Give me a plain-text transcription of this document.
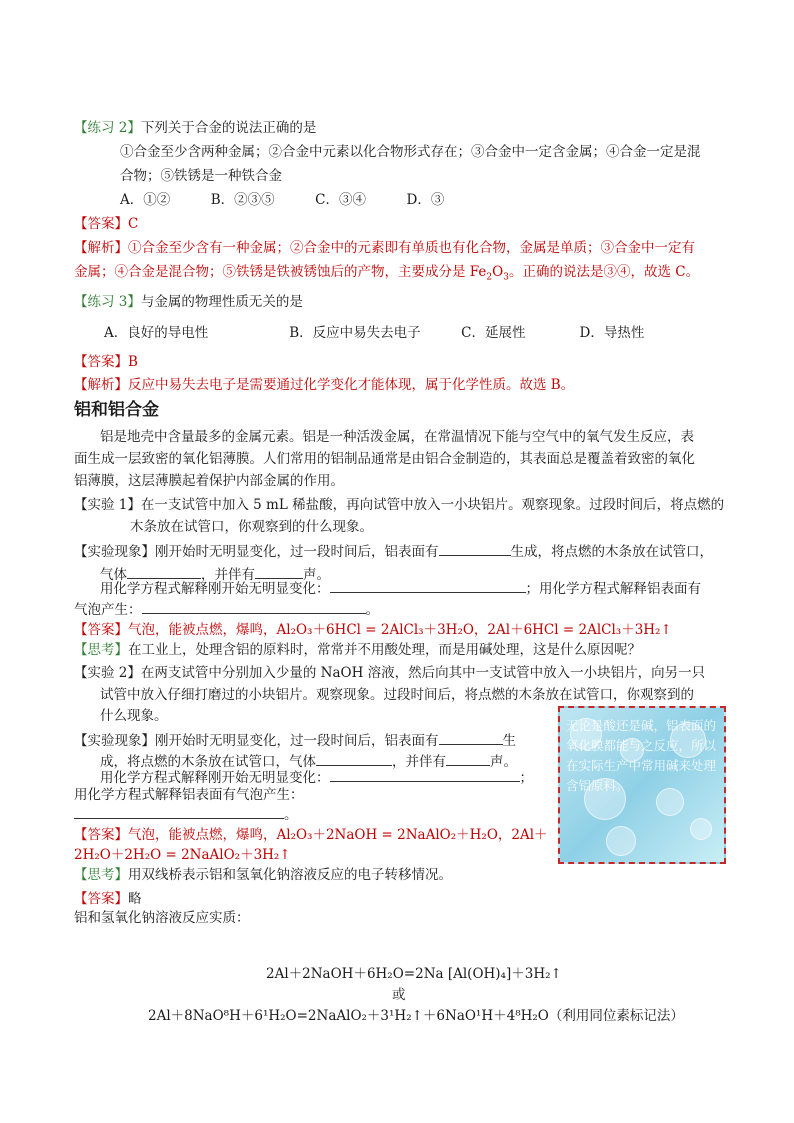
【练习 2】下列关于合金的说法正确的是
①合金至少含两种金属；②合金中元素以化合物形式存在；③合金中一定含金属；④合金一定是混
合物；⑤铁锈是一种铁合金
A．①②　　　B．②③⑤　　　C．③④　　　D．③
【答案】C
【解析】①合金至少含有一种金属；②合金中的元素即有单质也有化合物，金属是单质；③合金中一定有
金属；④合金是混合物；⑤铁锈是铁被锈蚀后的产物，主要成分是 $Fe_2O_3$。正确的说法是③④，故选 C。
【练习 3】与金属的物理性质无关的是
A．良好的导电性　　　　　　B．反应中易失去电子　　　C．延展性　　　　D．导热性
【答案】B
【解析】反应中易失去电子是需要通过化学变化才能体现，属于化学性质。故选 B。
铝和铝合金
铝是地壳中含量最多的金属元素。铝是一种活泼金属，在常温情况下能与空气中的氧气发生反应，表
面生成一层致密的氧化铝薄膜。人们常用的铝制品通常是由铝合金制造的，其表面总是覆盖着致密的氧化
铝薄膜，这层薄膜起着保护内部金属的作用。
【实验 1】在一支试管中加入 5 mL 稀盐酸，再向试管中放入一小块铝片。观察现象。过段时间后，将点燃的
木条放在试管口，你观察到的什么现象。
【实验现象】刚开始时无明显变化，过一段时间后，铝表面有	生成，将点燃的木条放在试管口，
气体	，并伴有	声。
用化学方程式解释刚开始无明显变化：	；用化学方程式解释铝表面有
气泡产生：	。
【答案】气泡，能被点燃，爆鸣，Al₂O₃＋6HCl = 2AlCl₃＋3H₂O，2Al＋6HCl = 2AlCl₃＋3H₂↑
【思考】在工业上，处理含铝的原料时，常常并不用酸处理，而是用碱处理，这是什么原因呢？
【实验 2】在两支试管中分别加入少量的 NaOH 溶液，然后向其中一支试管中放入一小块铝片，向另一只
试管中放入仔细打磨过的小块铝片。观察现象。过段时间后，将点燃的木条放在试管口，你观察到的
什么现象。
【实验现象】刚开始时无明显变化，过一段时间后，铝表面有	生
成，将点燃的木条放在试管口，气体	，并伴有	声。
用化学方程式解释刚开始无明显变化：	；
用化学方程式解释铝表面有气泡产生：
。
【答案】气泡，能被点燃，爆鸣，Al₂O₃＋2NaOH = 2NaAlO₂＋H₂O，2Al＋
2H₂O＋2H₂O = 2NaAlO₂＋3H₂↑
【思考】用双线桥表示铝和氢氧化钠溶液反应的电子转移情况。
【答案】略
铝和氢氧化钠溶液反应实质：
2Al＋2NaOH＋6H₂O=2Na [Al(OH)₄]＋3H₂↑
或
2Al＋8NaO⁸H＋6¹H₂O=2NaAlO₂＋3¹H₂↑＋6NaO¹H＋4⁸H₂O（利用同位素标记法）
无论是酸还是碱，铝表面的氧化膜都能与之反应，所以在实际生产中常用碱来处理含铝原料。
